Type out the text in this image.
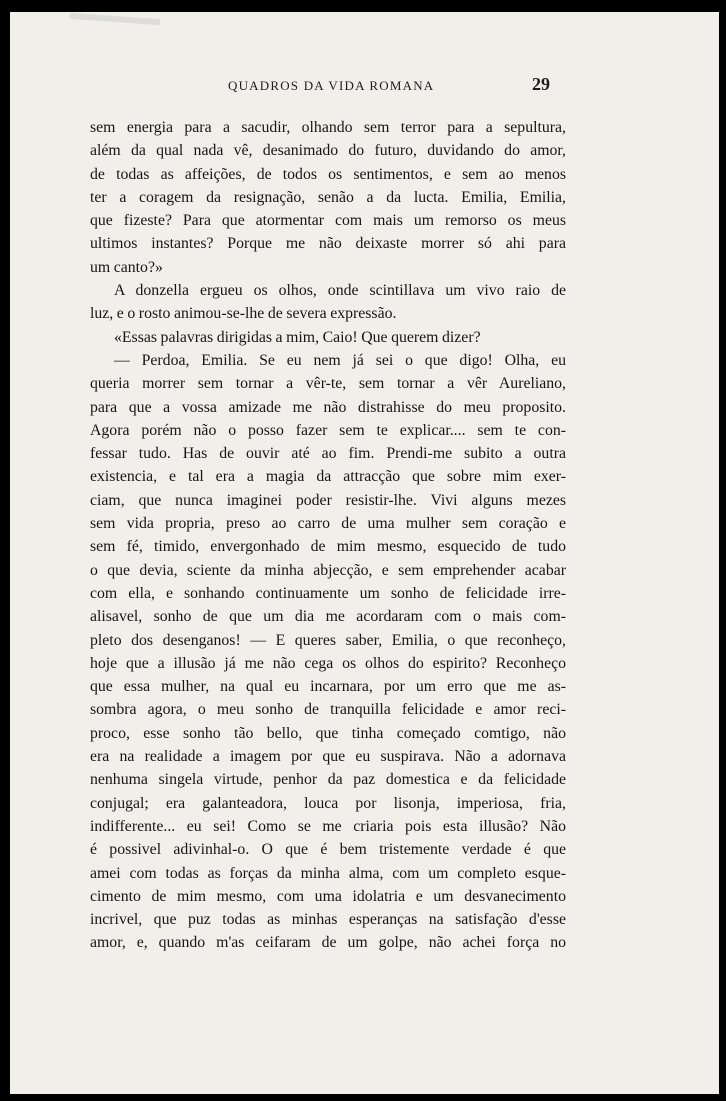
QUADROS DA VIDA ROMANA	29
sem energia para a sacudir, olhando sem terror para a sepultura,
além da qual nada vê, desanimado do futuro, duvidando do amor,
de todas as affeições, de todos os sentimentos, e sem ao menos
ter a coragem da resignação, senão a da lucta. Emilia, Emilia,
que fizeste? Para que atormentar com mais um remorso os meus
ultimos instantes? Porque me não deixaste morrer só ahi para
um canto?»
A donzella ergueu os olhos, onde scintillava um vivo raio de
luz, e o rosto animou-se-lhe de severa expressão.
«Essas palavras dirigidas a mim, Caio! Que querem dizer?
— Perdoa, Emilia. Se eu nem já sei o que digo! Olha, eu
queria morrer sem tornar a vêr-te, sem tornar a vêr Aureliano,
para que a vossa amizade me não distrahisse do meu proposito.
Agora porém não o posso fazer sem te explicar.... sem te con-
fessar tudo. Has de ouvir até ao fim. Prendi-me subito a outra
existencia, e tal era a magia da attracção que sobre mim exer-
ciam, que nunca imaginei poder resistir-lhe. Vivi alguns mezes
sem vida propria, preso ao carro de uma mulher sem coração e
sem fé, timido, envergonhado de mim mesmo, esquecido de tudo
o que devia, sciente da minha abjecção, e sem emprehender acabar
com ella, e sonhando continuamente um sonho de felicidade irre-
alisavel, sonho de que um dia me acordaram com o mais com-
pleto dos desenganos! — E queres saber, Emilia, o que reconheço,
hoje que a illusão já me não cega os olhos do espirito? Reconheço
que essa mulher, na qual eu incarnara, por um erro que me as-
sombra agora, o meu sonho de tranquilla felicidade e amor reci-
proco, esse sonho tão bello, que tinha começado comtigo, não
era na realidade a imagem por que eu suspirava. Não a adornava
nenhuma singela virtude, penhor da paz domestica e da felicidade
conjugal; era galanteadora, louca por lisonja, imperiosa, fria,
indifferente... eu sei! Como se me criaria pois esta illusão? Não
é possivel adivinhal-o. O que é bem tristemente verdade é que
amei com todas as forças da minha alma, com um completo esque-
cimento de mim mesmo, com uma idolatria e um desvanecimento
incrivel, que puz todas as minhas esperanças na satisfação d'esse
amor, e, quando m'as ceifaram de um golpe, não achei força no
